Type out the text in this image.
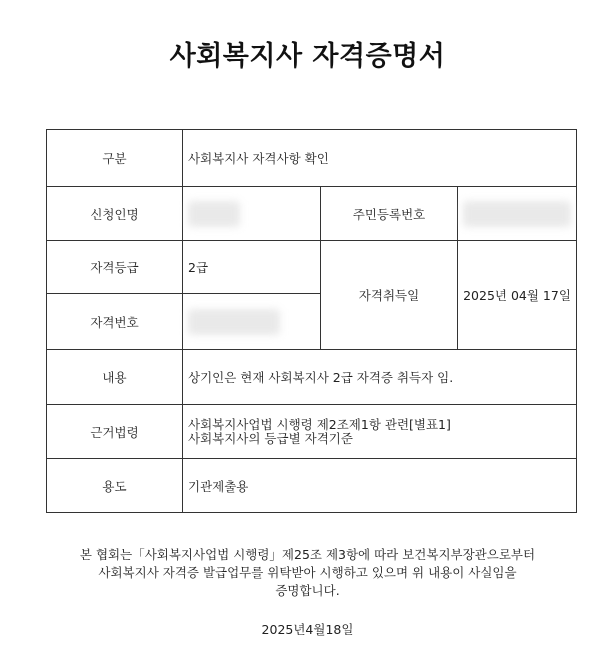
사회복지사 자격증명서
구분	사회복지사 자격사항 확인		
신청인명		주민등록번호	
자격등급	2급	자격취득일	2025년 04월 17일
자격번호			
내용	상기인은 현재 사회복지사 2급 자격증 취득자 임.		
근거법령	사회복지사업법 시행령 제2조제1항 관련[별표1]
사회복지사의 등급별 자격기준		

용도	기관제출용		
본 협회는「사회복지사업법 시행령」제25조 제3항에 따라 보건복지부장관으로부터
사회복지사 자격증 발급업무를 위탁받아 시행하고 있으며 위 내용이 사실임을
증명합니다.
2025년4월18일
